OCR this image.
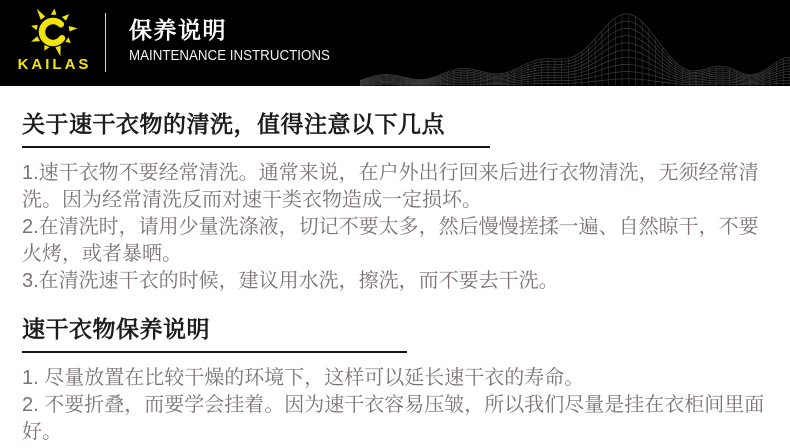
KAILAS
保养说明
MAINTENANCE INSTRUCTIONS
关于速干衣物的清洗，值得注意以下几点

1.速干衣物不要经常清洗。通常来说，在户外出行回来后进行衣物清洗，无须经常清洗。因为经常清洗反而对速干类衣物造成一定损坏。

2.在清洗时，请用少量洗涤液，切记不要太多，然后慢慢搓揉一遍、自然晾干，不要火烤，或者暴晒。

3.在清洗速干衣的时候，建议用水洗，擦洗，而不要去干洗。

速干衣物保养说明

1. 尽量放置在比较干燥的环境下，这样可以延长速干衣的寿命。

2. 不要折叠，而要学会挂着。因为速干衣容易压皱，所以我们尽量是挂在衣柜间里面好。
